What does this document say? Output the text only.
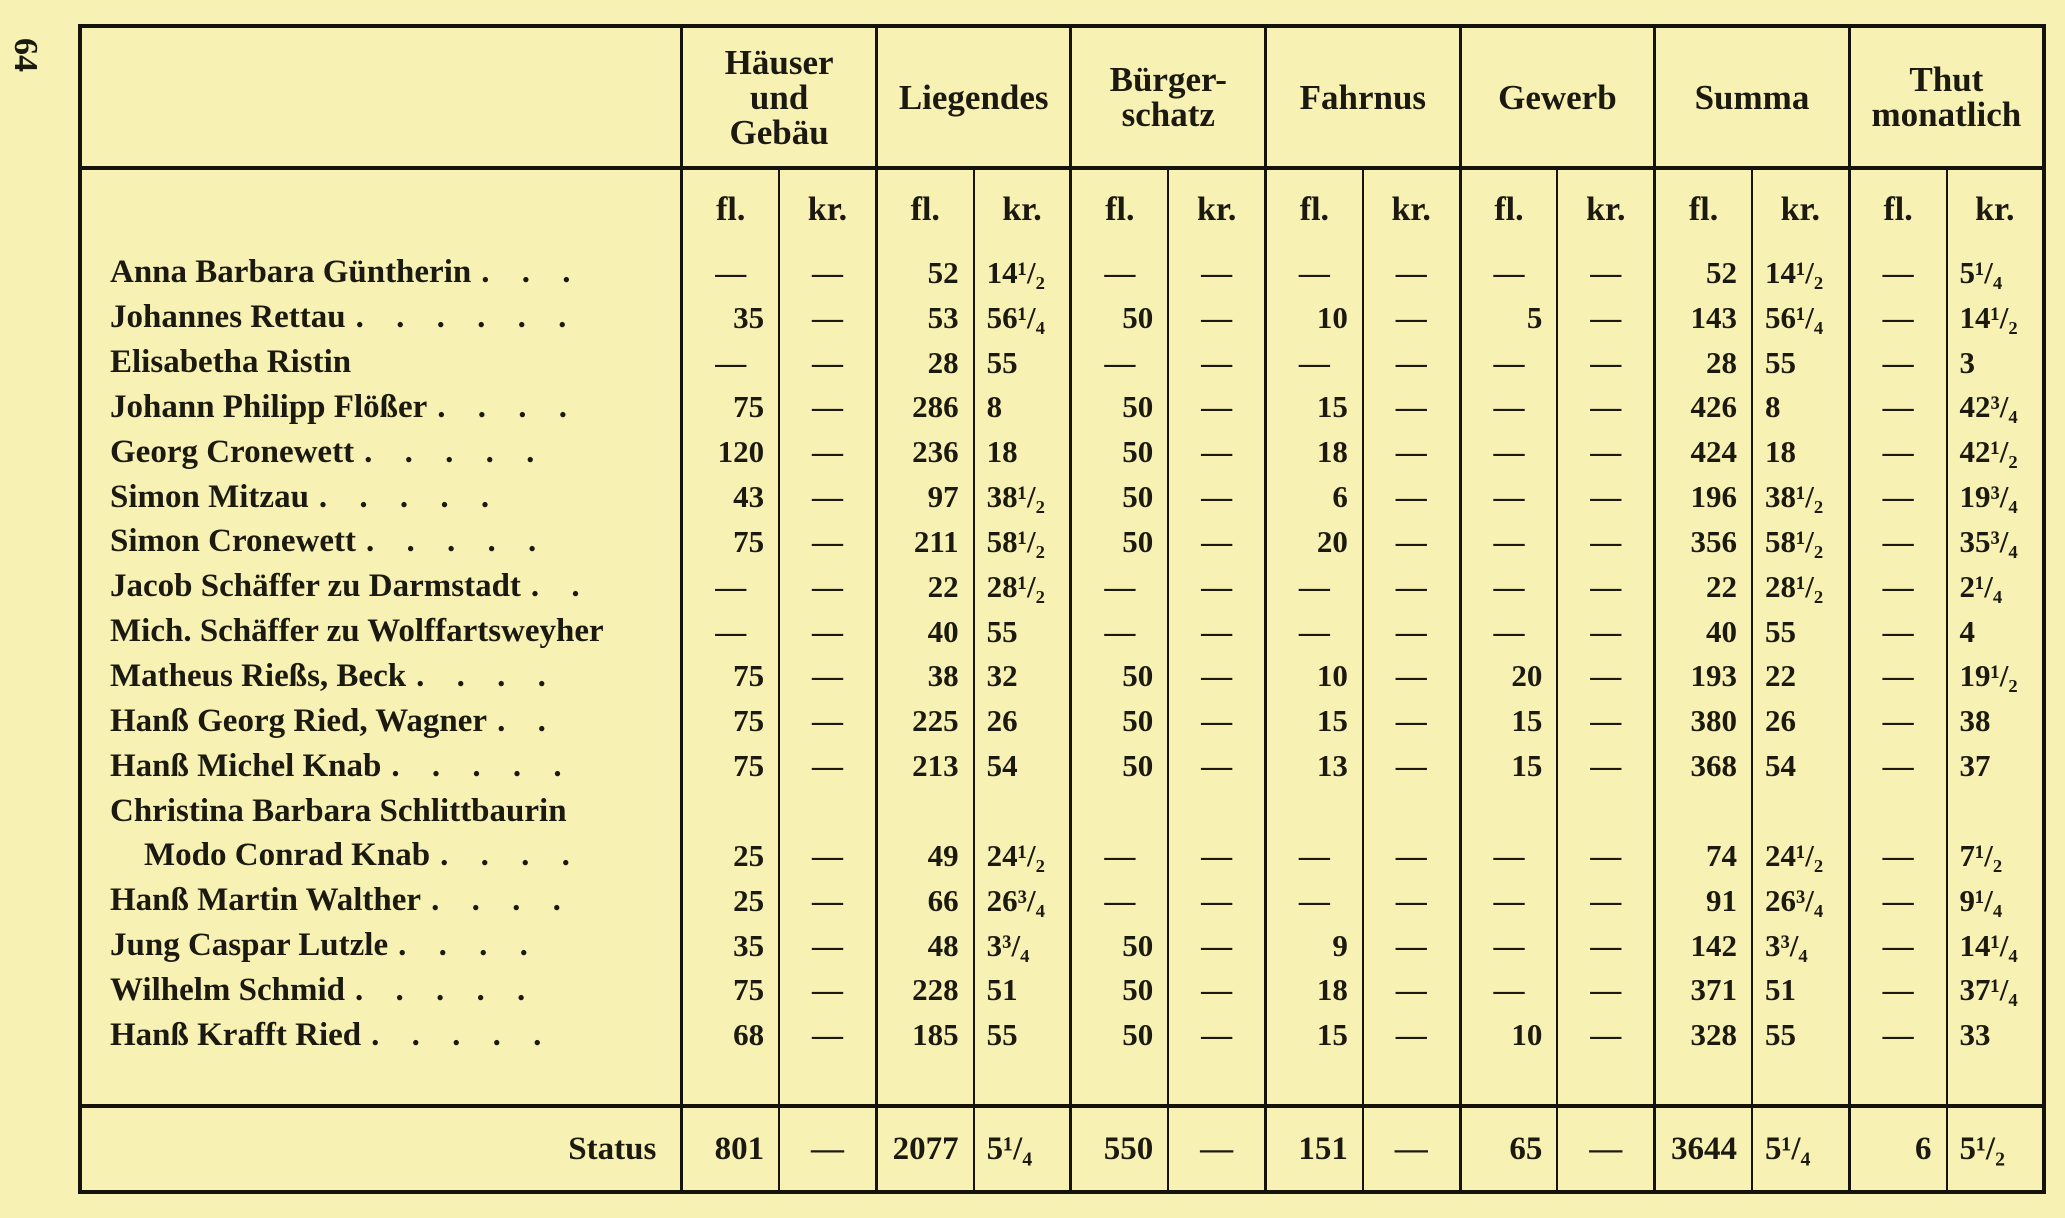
64

	Häuser
und
Gebäu		Liegendes		Bürger-
schatz		Fahrnus		Gewerb		Summa		Thut
monatlich	

	fl.	kr.	fl.	kr.	fl.	kr.	fl.	kr.	fl.	kr.	fl.	kr.	fl.	kr.
Anna Barbara Güntherin . . .	—	—	52	14¹/₂	—	—	—	—	—	—	52	14¹/₂	—	5¹/₄
Johannes Rettau . . . . . .	35	—	53	56¹/₄	50	—	10	—	5	—	143	56¹/₄	—	14¹/₂
Elisabetha Ristin	—	—	28	55	—	—	—	—	—	—	28	55	—	3
Johann Philipp Flößer . . . .	75	—	286	8	50	—	15	—	—	—	426	8	—	42³/₄
Georg Cronewett . . . . .	120	—	236	18	50	—	18	—	—	—	424	18	—	42¹/₂
Simon Mitzau . . . . .	43	—	97	38¹/₂	50	—	6	—	—	—	196	38¹/₂	—	19³/₄
Simon Cronewett . . . . .	75	—	211	58¹/₂	50	—	20	—	—	—	356	58¹/₂	—	35³/₄
Jacob Schäffer zu Darmstadt . .	—	—	22	28¹/₂	—	—	—	—	—	—	22	28¹/₂	—	2¹/₄
Mich. Schäffer zu Wolffartsweyher	—	—	40	55	—	—	—	—	—	—	40	55	—	4
Matheus Rießs, Beck . . . .	75	—	38	32	50	—	10	—	20	—	193	22	—	19¹/₂
Hanß Georg Ried, Wagner . .	75	—	225	26	50	—	15	—	15	—	380	26	—	38
Hanß Michel Knab . . . . .	75	—	213	54	50	—	13	—	15	—	368	54	—	37
Christina Barbara Schlittbaurin														
Modo Conrad Knab . . . .	25	—	49	24¹/₂	—	—	—	—	—	—	74	24¹/₂	—	7¹/₂
Hanß Martin Walther . . . .	25	—	66	26³/₄	—	—	—	—	—	—	91	26³/₄	—	9¹/₄
Jung Caspar Lutzle . . . .	35	—	48	3³/₄	50	—	9	—	—	—	142	3³/₄	—	14¹/₄
Wilhelm Schmid . . . . .	75	—	228	51	50	—	18	—	—	—	371	51	—	37¹/₄
Hanß Krafft Ried . . . . .	68	—	185	55	50	—	15	—	10	—	328	55	—	33

Status	801	—	2077	5¹/₄	550	—	151	—	65	—	3644	5¹/₄	6	5¹/₂
